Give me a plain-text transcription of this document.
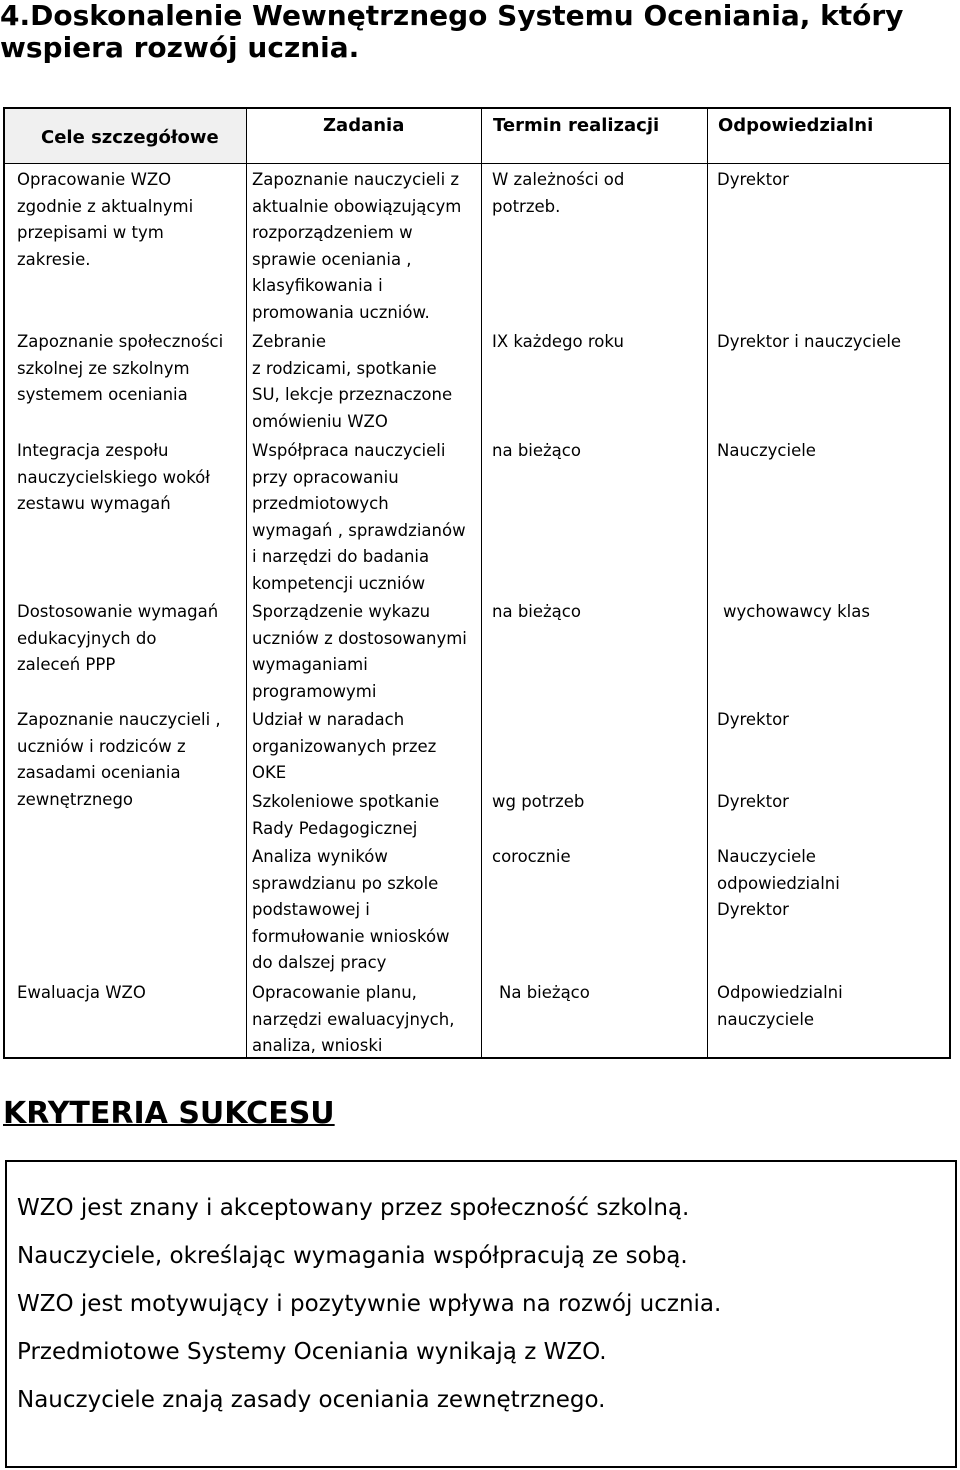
4.Doskonalenie Wewnętrznego Systemu Oceniania, który
wspiera rozwój ucznia.
Cele szczegółowe
Zadania	Termin realizacji	Odpowiedzialni
Opracowanie WZO
zgodnie z aktualnymi
przepisami w tym
zakresie.
Zapoznanie społeczności
szkolnej ze szkolnym
systemem oceniania
Integracja zespołu
nauczycielskiego wokół
zestawu wymagań
Dostosowanie wymagań
edukacyjnych do
zaleceń PPP
Zapoznanie nauczycieli ,
uczniów i rodziców z
zasadami oceniania
zewnętrznego
Ewaluacja WZO
Zapoznanie nauczycieli z
aktualnie obowiązującym
rozporządzeniem w
sprawie oceniania ,
klasyfikowania i
promowania uczniów.
Zebranie
z rodzicami, spotkanie
SU, lekcje przeznaczone
omówieniu WZO
Współpraca nauczycieli
przy opracowaniu
przedmiotowych
wymagań , sprawdzianów
i narzędzi do badania
kompetencji uczniów
Sporządzenie wykazu
uczniów z dostosowanymi
wymaganiami
programowymi
Udział w naradach
organizowanych przez
OKE
Szkoleniowe spotkanie
Rady Pedagogicznej
Analiza wyników
sprawdzianu po szkole
podstawowej i
formułowanie wniosków
do dalszej pracy
Opracowanie planu,
narzędzi ewaluacyjnych,
analiza, wnioski
W zależności od
potrzeb.
IX każdego roku
na bieżąco
na bieżąco
wg potrzeb
corocznie
Na bieżąco
Dyrektor
Dyrektor i nauczyciele
Nauczyciele
wychowawcy klas
Dyrektor
Dyrektor
Nauczyciele
odpowiedzialni
Dyrektor
Odpowiedzialni
nauczyciele
KRYTERIA SUKCESU
WZO jest znany i akceptowany przez społeczność szkolną.
Nauczyciele, określając wymagania współpracują ze sobą.
WZO jest motywujący i pozytywnie wpływa na rozwój ucznia.
Przedmiotowe Systemy Oceniania wynikają z WZO.
Nauczyciele znają zasady oceniania zewnętrznego.
